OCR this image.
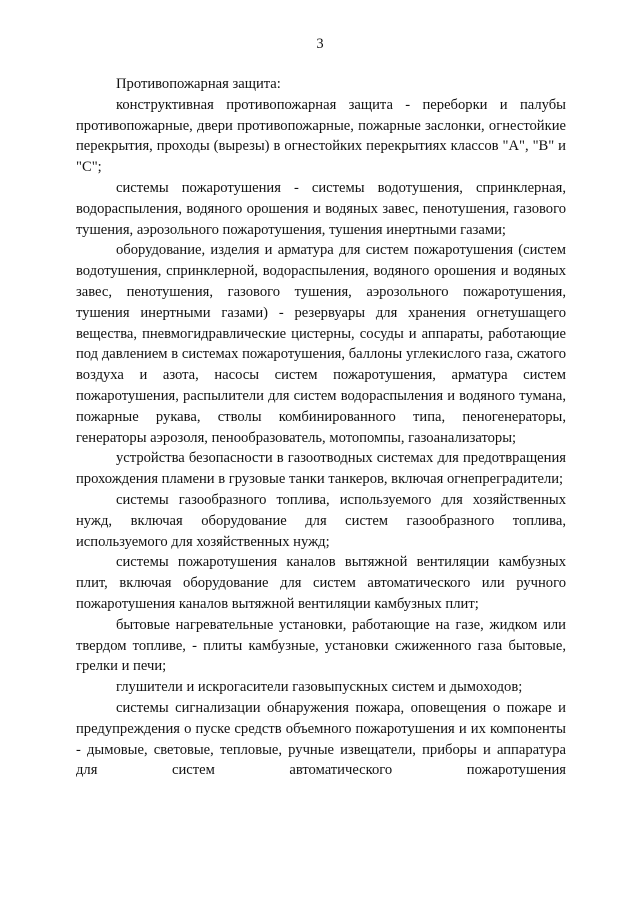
3

Противопожарная защита:

конструктивная противопожарная защита - переборки и палубы противопожарные, двери противопожарные, пожарные заслонки, огнестойкие перекрытия, проходы (вырезы) в огнестойких перекрытиях классов "А", "В" и "С";

системы пожаротушения - системы водотушения, спринклерная, водораспыления, водяного орошения и водяных завес, пенотушения, газового тушения, аэрозольного пожаротушения, тушения инертными газами;

оборудование, изделия и арматура для систем пожаротушения (систем водотушения, спринклерной, водораспыления, водяного орошения и водяных завес, пенотушения, газового тушения, аэрозольного пожаротушения, тушения инертными газами) - резервуары для хранения огнетушащего вещества, пневмогидравлические цистерны, сосуды и аппараты, работающие под давлением в системах пожаротушения, баллоны углекислого газа, сжатого воздуха и азота, насосы систем пожаротушения, арматура систем пожаротушения, распылители для систем водораспыления и водяного тумана, пожарные рукава, стволы комбинированного типа, пеногенераторы, генераторы аэрозоля, пенообразователь, мотопомпы, газоанализаторы;

устройства безопасности в газоотводных системах для предотвращения прохождения пламени в грузовые танки танкеров, включая огнепреградители;

системы газообразного топлива, используемого для хозяйственных нужд, включая оборудование для систем газообразного топлива, используемого для хозяйственных нужд;

системы пожаротушения каналов вытяжной вентиляции камбузных плит, включая оборудование для систем автоматического или ручного пожаротушения каналов вытяжной вентиляции камбузных плит;

бытовые нагревательные установки, работающие на газе, жидком или твердом топливе, - плиты камбузные, установки сжиженного газа бытовые, грелки и печи;

глушители и искрогасители газовыпускных систем и дымоходов;

системы сигнализации обнаружения пожара, оповещения о пожаре и предупреждения о пуске средств объемного пожаротушения и их компоненты - дымовые, световые, тепловые, ручные извещатели, приборы и аппаратура для систем автоматического пожаротушения
